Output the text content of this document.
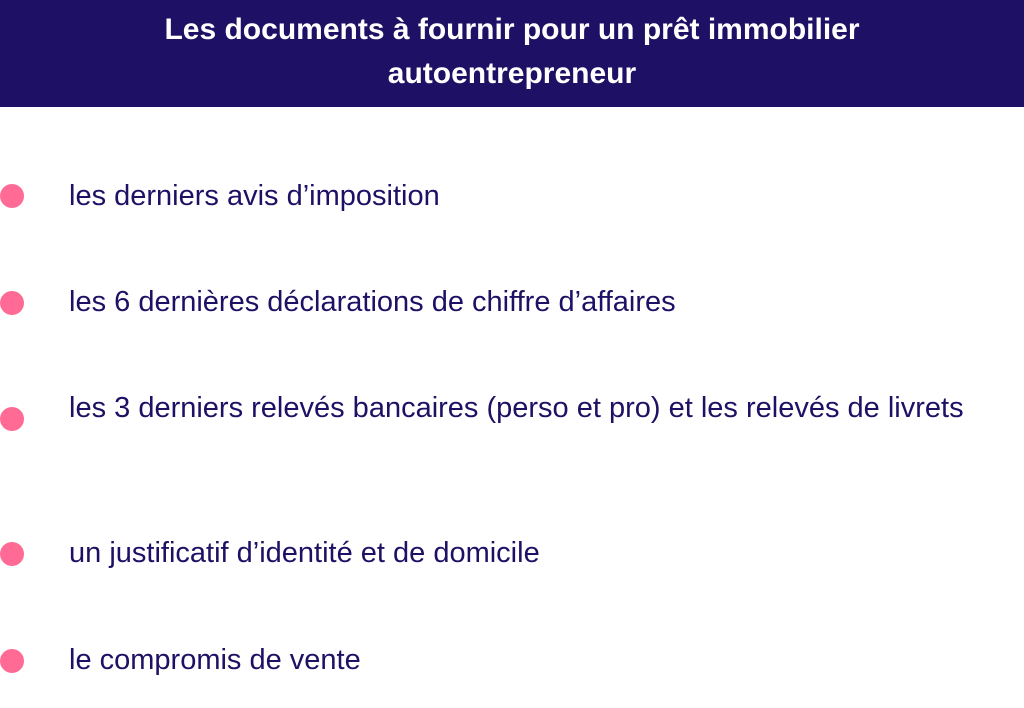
Les documents à fournir pour un prêt immobilier autoentrepreneur
les derniers avis d’imposition
les 6 dernières déclarations de chiffre d’affaires
les 3 derniers relevés bancaires (perso et pro) et les relevés de livrets
un justificatif d’identité et de domicile
le compromis de vente
